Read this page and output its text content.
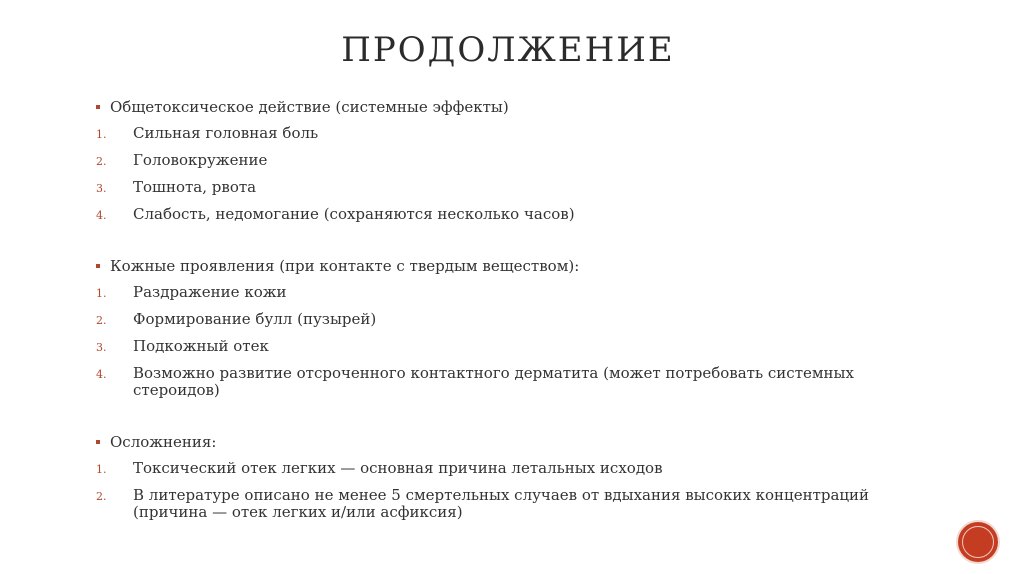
ПРОДОЛЖЕНИЕ
Общетоксическое действие (системные эффекты)
1. Сильная головная боль
2. Головокружение
3. Тошнота, рвота
4. Слабость, недомогание (сохраняются несколько часов)
Кожные проявления (при контакте с твердым веществом):
1. Раздражение кожи
2. Формирование булл (пузырей)
3. Подкожный отек
4. Возможно развитие отсроченного контактного дерматита (может потребовать системных стероидов)
Осложнения:
1. Токсический отек легких — основная причина летальных исходов
2. В литературе описано не менее 5 смертельных случаев от вдыхания высоких концентраций (причина — отек легких и/или асфиксия)
